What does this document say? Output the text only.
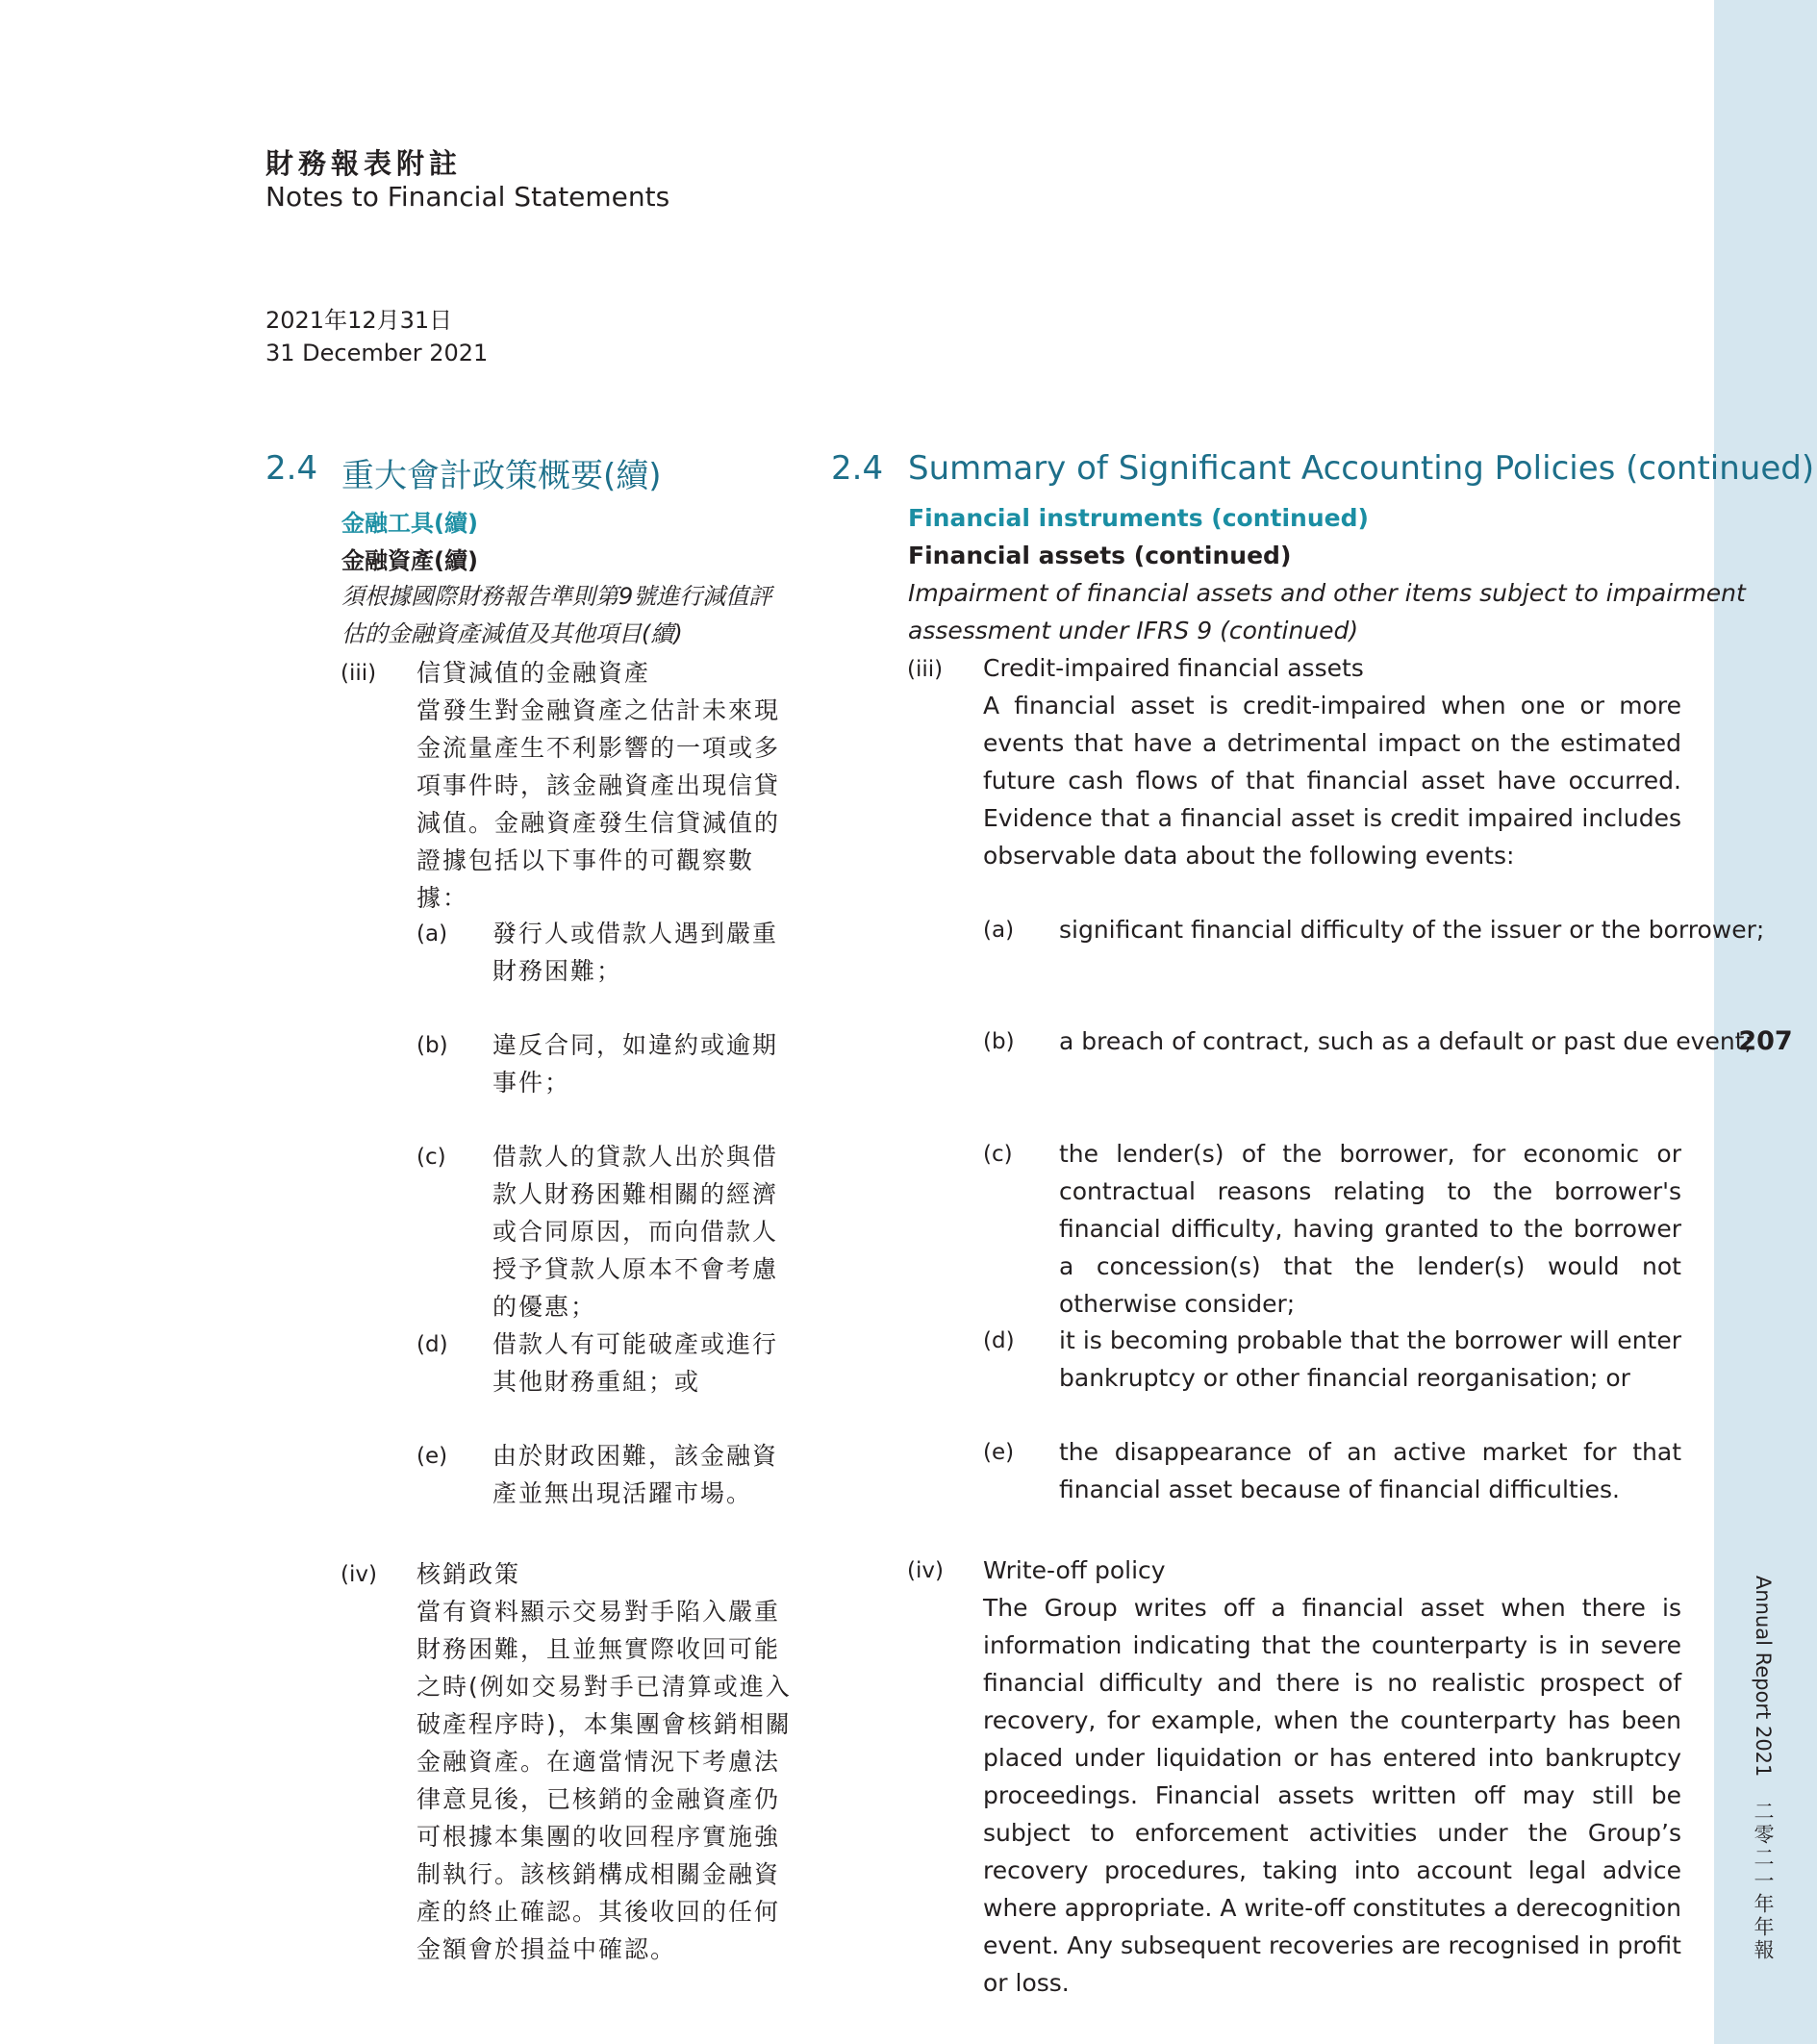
207
Annual Report 2021 二零二一年年報
財務報表附註
Notes to Financial Statements
2021年12月31日
31 December 2021
2.4 重大會計政策概要(續)
金融工具(續)
金融資產(續)
須根據國際財務報告準則第9號進行減值評
估的金融資產減值及其他項目(續)
(iii) 信貸減值的金融資產
當發生對金融資產之估計未來現金流量產生不利影響的一項或多項事件時，該金融資產出現信貸減值。金融資產發生信貸減值的證據包括以下事件的可觀察數據：
(a) 發行人或借款人遇到嚴重財務困難；
(b) 違反合同，如違約或逾期事件；
(c) 借款人的貸款人出於與借款人財務困難相關的經濟或合同原因，而向借款人授予貸款人原本不會考慮的優惠；
(d) 借款人有可能破產或進行其他財務重組；或
(e) 由於財政困難，該金融資產並無出現活躍市場。
(iv) 核銷政策
當有資料顯示交易對手陷入嚴重財務困難，且並無實際收回可能之時(例如交易對手已清算或進入破產程序時)，本集團會核銷相關金融資產。在適當情況下考慮法律意見後，已核銷的金融資產仍可根據本集團的收回程序實施強制執行。該核銷構成相關金融資產的終止確認。其後收回的任何金額會於損益中確認。
2.4 Summary of Significant Accounting Policies (continued)
Financial instruments (continued)
Financial assets (continued)
Impairment of financial assets and other items subject to impairment
assessment under IFRS 9 (continued)
(iii) Credit-impaired financial assets
A financial asset is credit-impaired when one or more events that have a detrimental impact on the estimated future cash flows of that financial asset have occurred. Evidence that a financial asset is credit impaired includes observable data about the following events:
(a) significant financial difficulty of the issuer or the borrower;
(b) a breach of contract, such as a default or past due event;
(c) the lender(s) of the borrower, for economic or contractual reasons relating to the borrower's financial difficulty, having granted to the borrower a concession(s) that the lender(s) would not otherwise consider;
(d) it is becoming probable that the borrower will enter bankruptcy or other financial reorganisation; or
(e) the disappearance of an active market for that financial asset because of financial difficulties.
(iv) Write-off policy
The Group writes off a financial asset when there is information indicating that the counterparty is in severe financial difficulty and there is no realistic prospect of recovery, for example, when the counterparty has been placed under liquidation or has entered into bankruptcy proceedings. Financial assets written off may still be subject to enforcement activities under the Group’s recovery procedures, taking into account legal advice where appropriate. A write-off constitutes a derecognition event. Any subsequent recoveries are recognised in profit or loss.
